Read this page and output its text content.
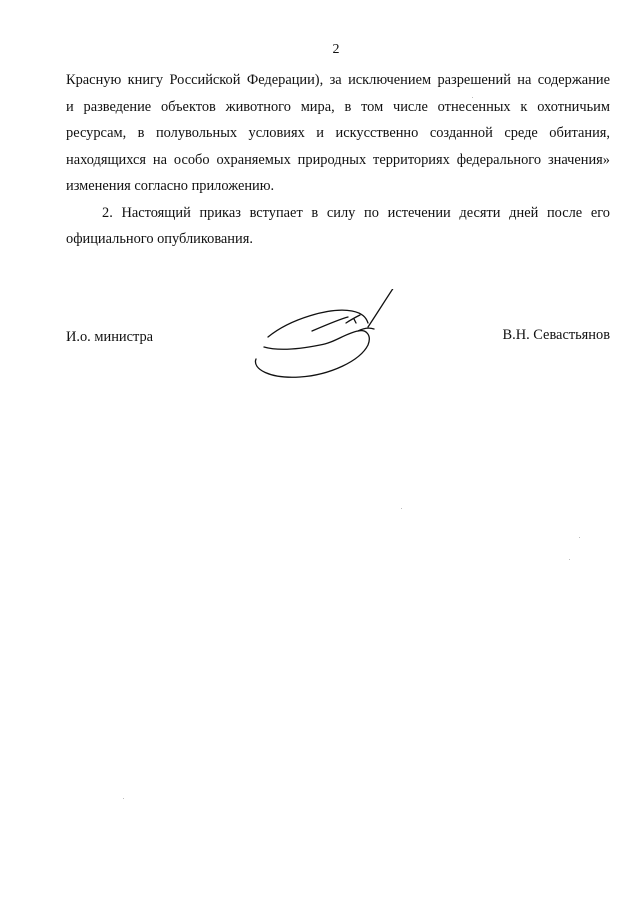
2

Красную книгу Российской Федерации), за исключением разрешений на содержание
и разведение объектов животного мира, в том числе отнесенных к охотничьим
ресурсам, в полувольных условиях и искусственно созданной среде обитания,
находящихся на особо охраняемых природных территориях федерального значения»
изменения согласно приложению.

2. Настоящий приказ вступает в силу по истечении десяти дней после его
официального опубликования.

И.о. министра	В.Н. Севастьянов
